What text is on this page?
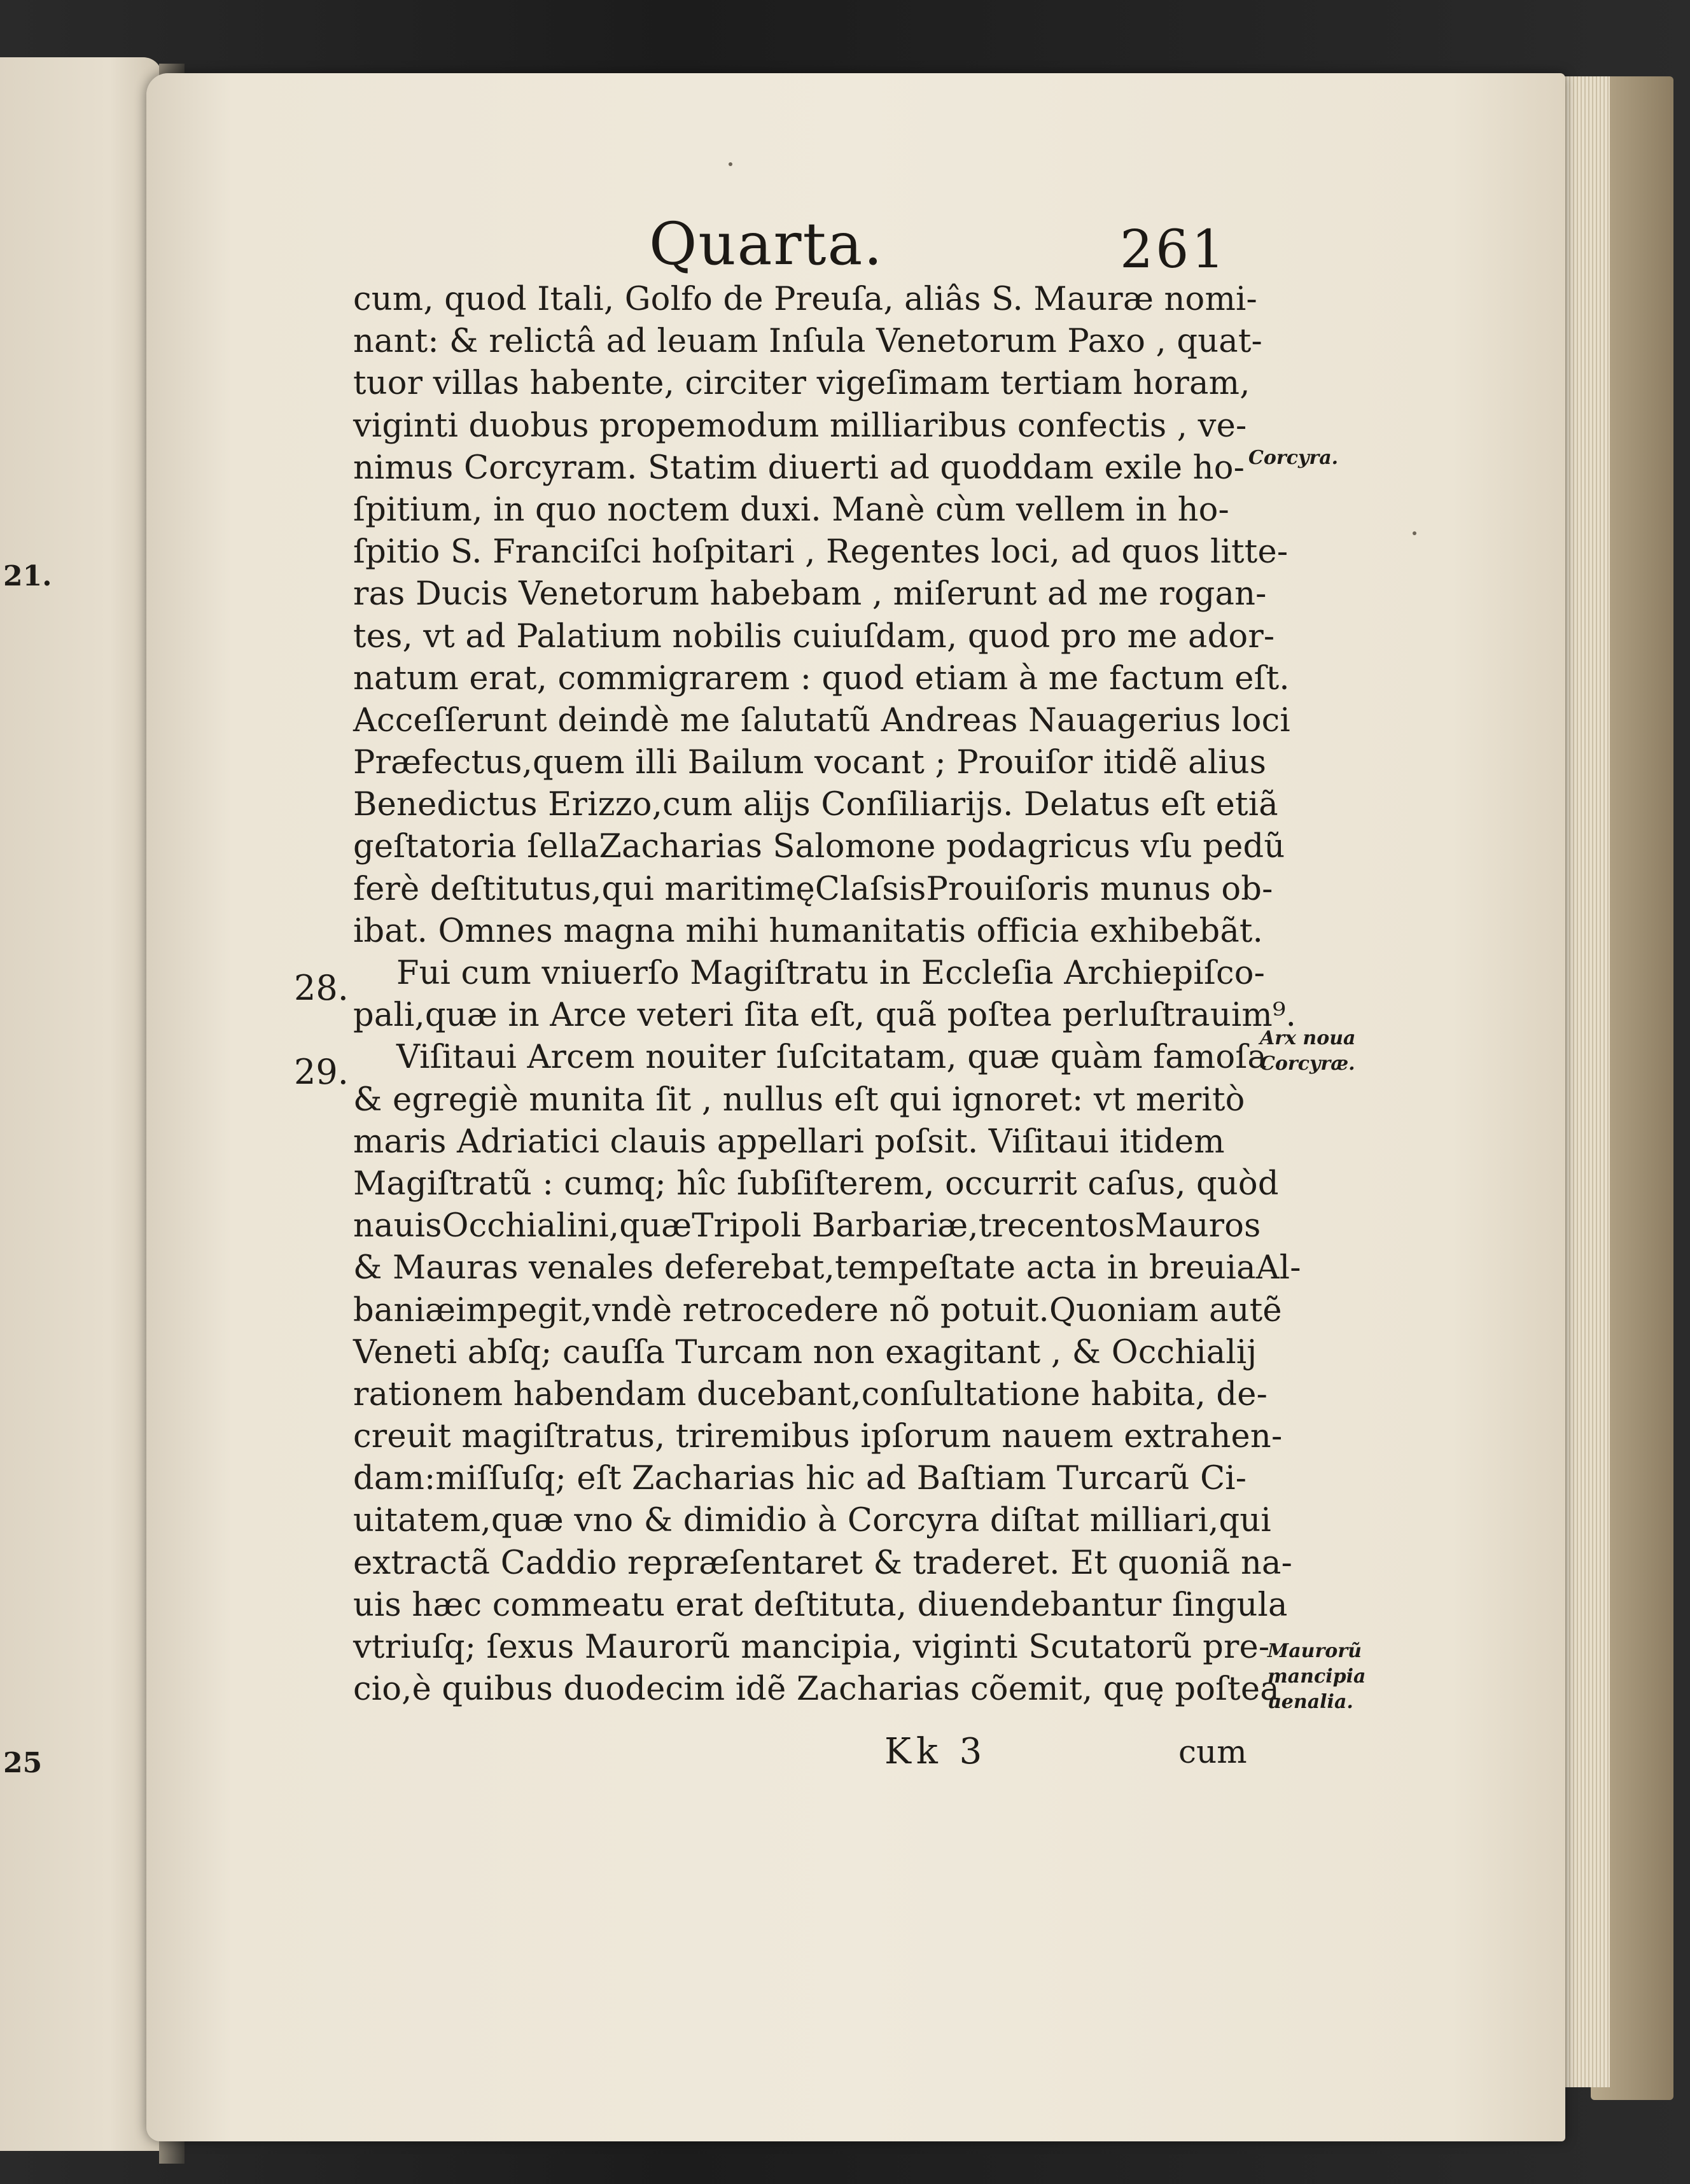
21.
25
Quarta.	261
cum, quod Itali, Golfo de Preuſa, aliâs S. Mauræ nomi-
nant: & relictâ ad leuam Inſula Venetorum Paxo , quat-
tuor villas habente, circiter vigeſimam tertiam horam,
viginti duobus propemodum milliaribus confectis , ve-
nimus Corcyram. Statim diuerti ad quoddam exile ho-
ſpitium, in quo noctem duxi. Manè cùm vellem in ho-
ſpitio S. Franciſci hoſpitari , Regentes loci, ad quos litte-
ras Ducis Venetorum habebam , miſerunt ad me rogan-
tes, vt ad Palatium nobilis cuiuſdam, quod pro me ador-
natum erat, commigrarem : quod etiam à me factum eſt.
Acceſſerunt deindè me ſalutatũ Andreas Nauagerius loci
Præfectus,quem illi Bailum vocant ; Prouiſor itidẽ alius
Benedictus Erizzo,cum alijs Conſiliarijs. Delatus eſt etiã
geſtatoria ſellaZacharias Salomone podagricus vſu pedũ
ferè deſtitutus,qui maritimęClaſsisProuiſoris munus ob-
ibat. Omnes magna mihi humanitatis officia exhibebãt.
Fui cum vniuerſo Magiſtratu in Eccleſia Archiepiſco-
pali,quæ in Arce veteri ſita eſt, quã poſtea perluſtrauim⁹.
Viſitaui Arcem nouiter ſuſcitatam, quæ quàm famoſa
& egregiè munita ſit , nullus eſt qui ignoret: vt meritò
maris Adriatici clauis appellari poſsit. Viſitaui itidem
Magiſtratũ : cumq; hîc ſubſiſterem, occurrit caſus, quòd
nauisOcchialini,quæTripoli Barbariæ,trecentosMauros
& Mauras venales deferebat,tempeſtate acta in breuiaAl-
baniæimpegit,vndè retrocedere nõ potuit.Quoniam autẽ
Veneti abſq; cauſſa Turcam non exagitant , & Occhialij
rationem habendam ducebant,conſultatione habita, de-
creuit magiſtratus, triremibus ipſorum nauem extrahen-
dam:miſſuſq; eſt Zacharias hic ad Baſtiam Turcarũ Ci-
uitatem,quæ vno & dimidio à Corcyra diſtat milliari,qui
extractã Caddio repræſentaret & traderet. Et quoniã na-
uis hæc commeatu erat deſtituta, diuendebantur ſingula
vtriuſq; ſexus Maurorũ mancipia, viginti Scutatorũ pre-
cio,è quibus duodecim idẽ Zacharias cõemit, quę poſtea
28.
29.
Corcyra.
Arx noua
Corcyræ.
Maurorũ
mancipia
uenalia.
Kk 3	cum
